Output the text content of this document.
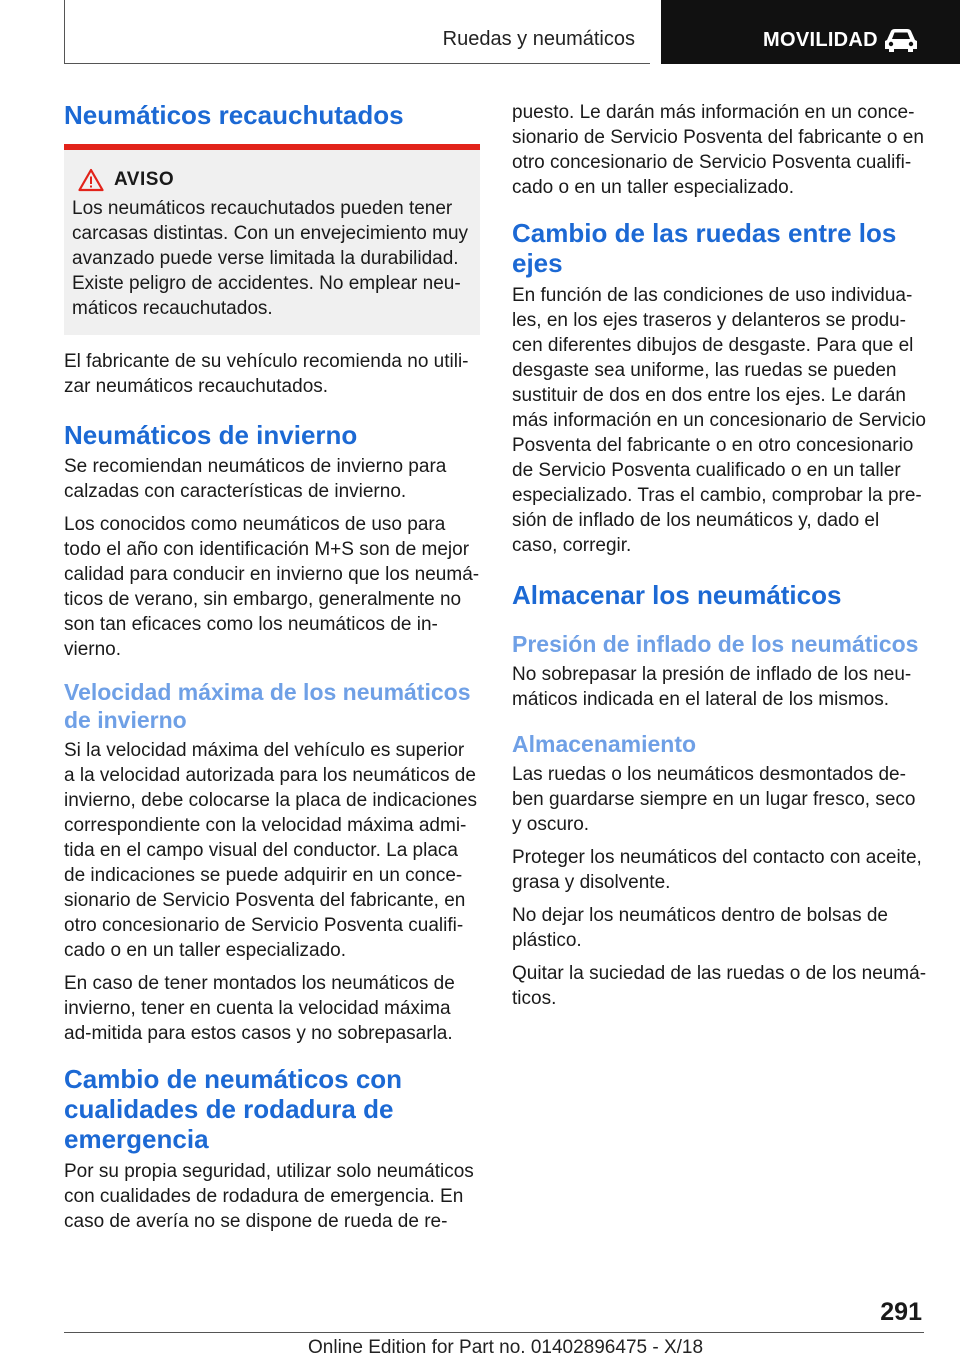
Ruedas y neumáticos	MOVILIDAD
Neumáticos recauchutados
AVISO

Los neumáticos recauchutados pueden tener carcasas distintas. Con un envejecimiento muy avanzado puede verse limitada la durabilidad. Existe peligro de accidentes. No emplear neu‐máticos recauchutados.

El fabricante de su vehículo recomienda no utili‐zar neumáticos recauchutados.

Neumáticos de invierno

Se recomiendan neumáticos de invierno para calzadas con características de invierno.

Los conocidos como neumáticos de uso para todo el año con identificación M+S son de mejor calidad para conducir en invierno que los neumá‐ticos de verano, sin embargo, generalmente no son tan eficaces como los neumáticos de in‐vierno.

Velocidad máxima de los neumáticos de invierno

Si la velocidad máxima del vehículo es superior a la velocidad autorizada para los neumáticos de invierno, debe colocarse la placa de indicaciones correspondiente con la velocidad máxima admi‐tida en el campo visual del conductor. La placa de indicaciones se puede adquirir en un conce‐sionario de Servicio Posventa del fabricante, en otro concesionario de Servicio Posventa cualifi‐cado o en un taller especializado.

En caso de tener montados los neumáticos de invierno, tener en cuenta la velocidad máxima ad‐mitida para estos casos y no sobrepasarla.

Cambio de neumáticos con cualidades de rodadura de emergencia

Por su propia seguridad, utilizar solo neumáticos con cualidades de rodadura de emergencia. En caso de avería no se dispone de rueda de re‐

puesto. Le darán más información en un conce‐sionario de Servicio Posventa del fabricante o en otro concesionario de Servicio Posventa cualifi‐cado o en un taller especializado.

Cambio de las ruedas entre los ejes

En función de las condiciones de uso individua‐les, en los ejes traseros y delanteros se produ‐cen diferentes dibujos de desgaste. Para que el desgaste sea uniforme, las ruedas se pueden sustituir de dos en dos entre los ejes. Le darán más información en un concesionario de Servicio Posventa del fabricante o en otro concesionario de Servicio Posventa cualificado o en un taller especializado. Tras el cambio, comprobar la pre‐sión de inflado de los neumáticos y, dado el caso, corregir.

Almacenar los neumáticos
Presión de inflado de los neumáticos

No sobrepasar la presión de inflado de los neu‐máticos indicada en el lateral de los mismos.

Almacenamiento

Las ruedas o los neumáticos desmontados de‐ben guardarse siempre en un lugar fresco, seco y oscuro.

Proteger los neumáticos del contacto con aceite, grasa y disolvente.

No dejar los neumáticos dentro de bolsas de plástico.

Quitar la suciedad de las ruedas o de los neumá‐ticos.

291
Online Edition for Part no. 01402896475 - X/18
